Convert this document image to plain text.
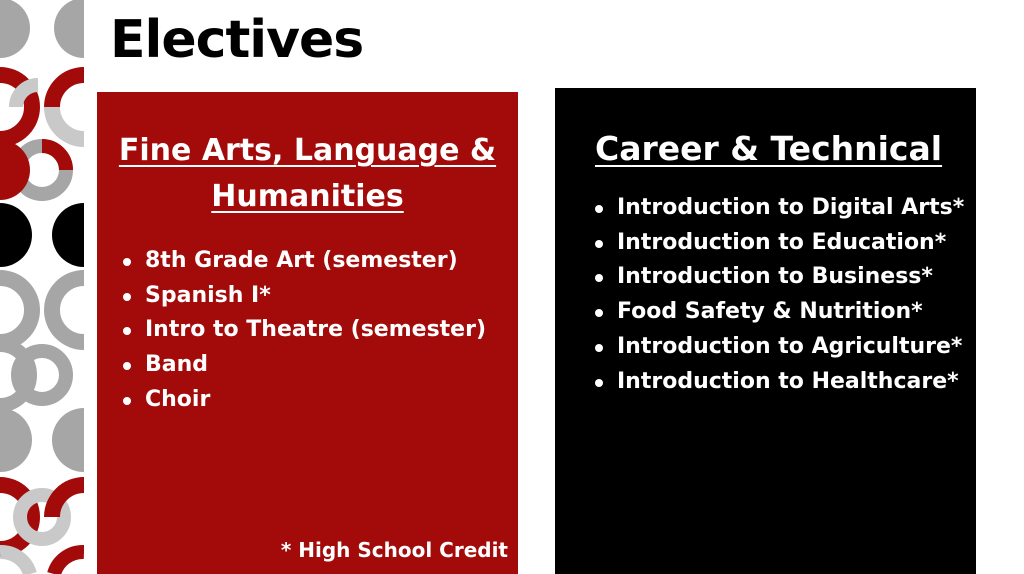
Electives
Fine Arts, Language &
Humanities
8th Grade Art (semester)
Spanish I*
Intro to Theatre (semester)
Band
Choir
* High School Credit
Career & Technical
Introduction to Digital Arts*
Introduction to Education*
Introduction to Business*
Food Safety & Nutrition*
Introduction to Agriculture*
Introduction to Healthcare*
